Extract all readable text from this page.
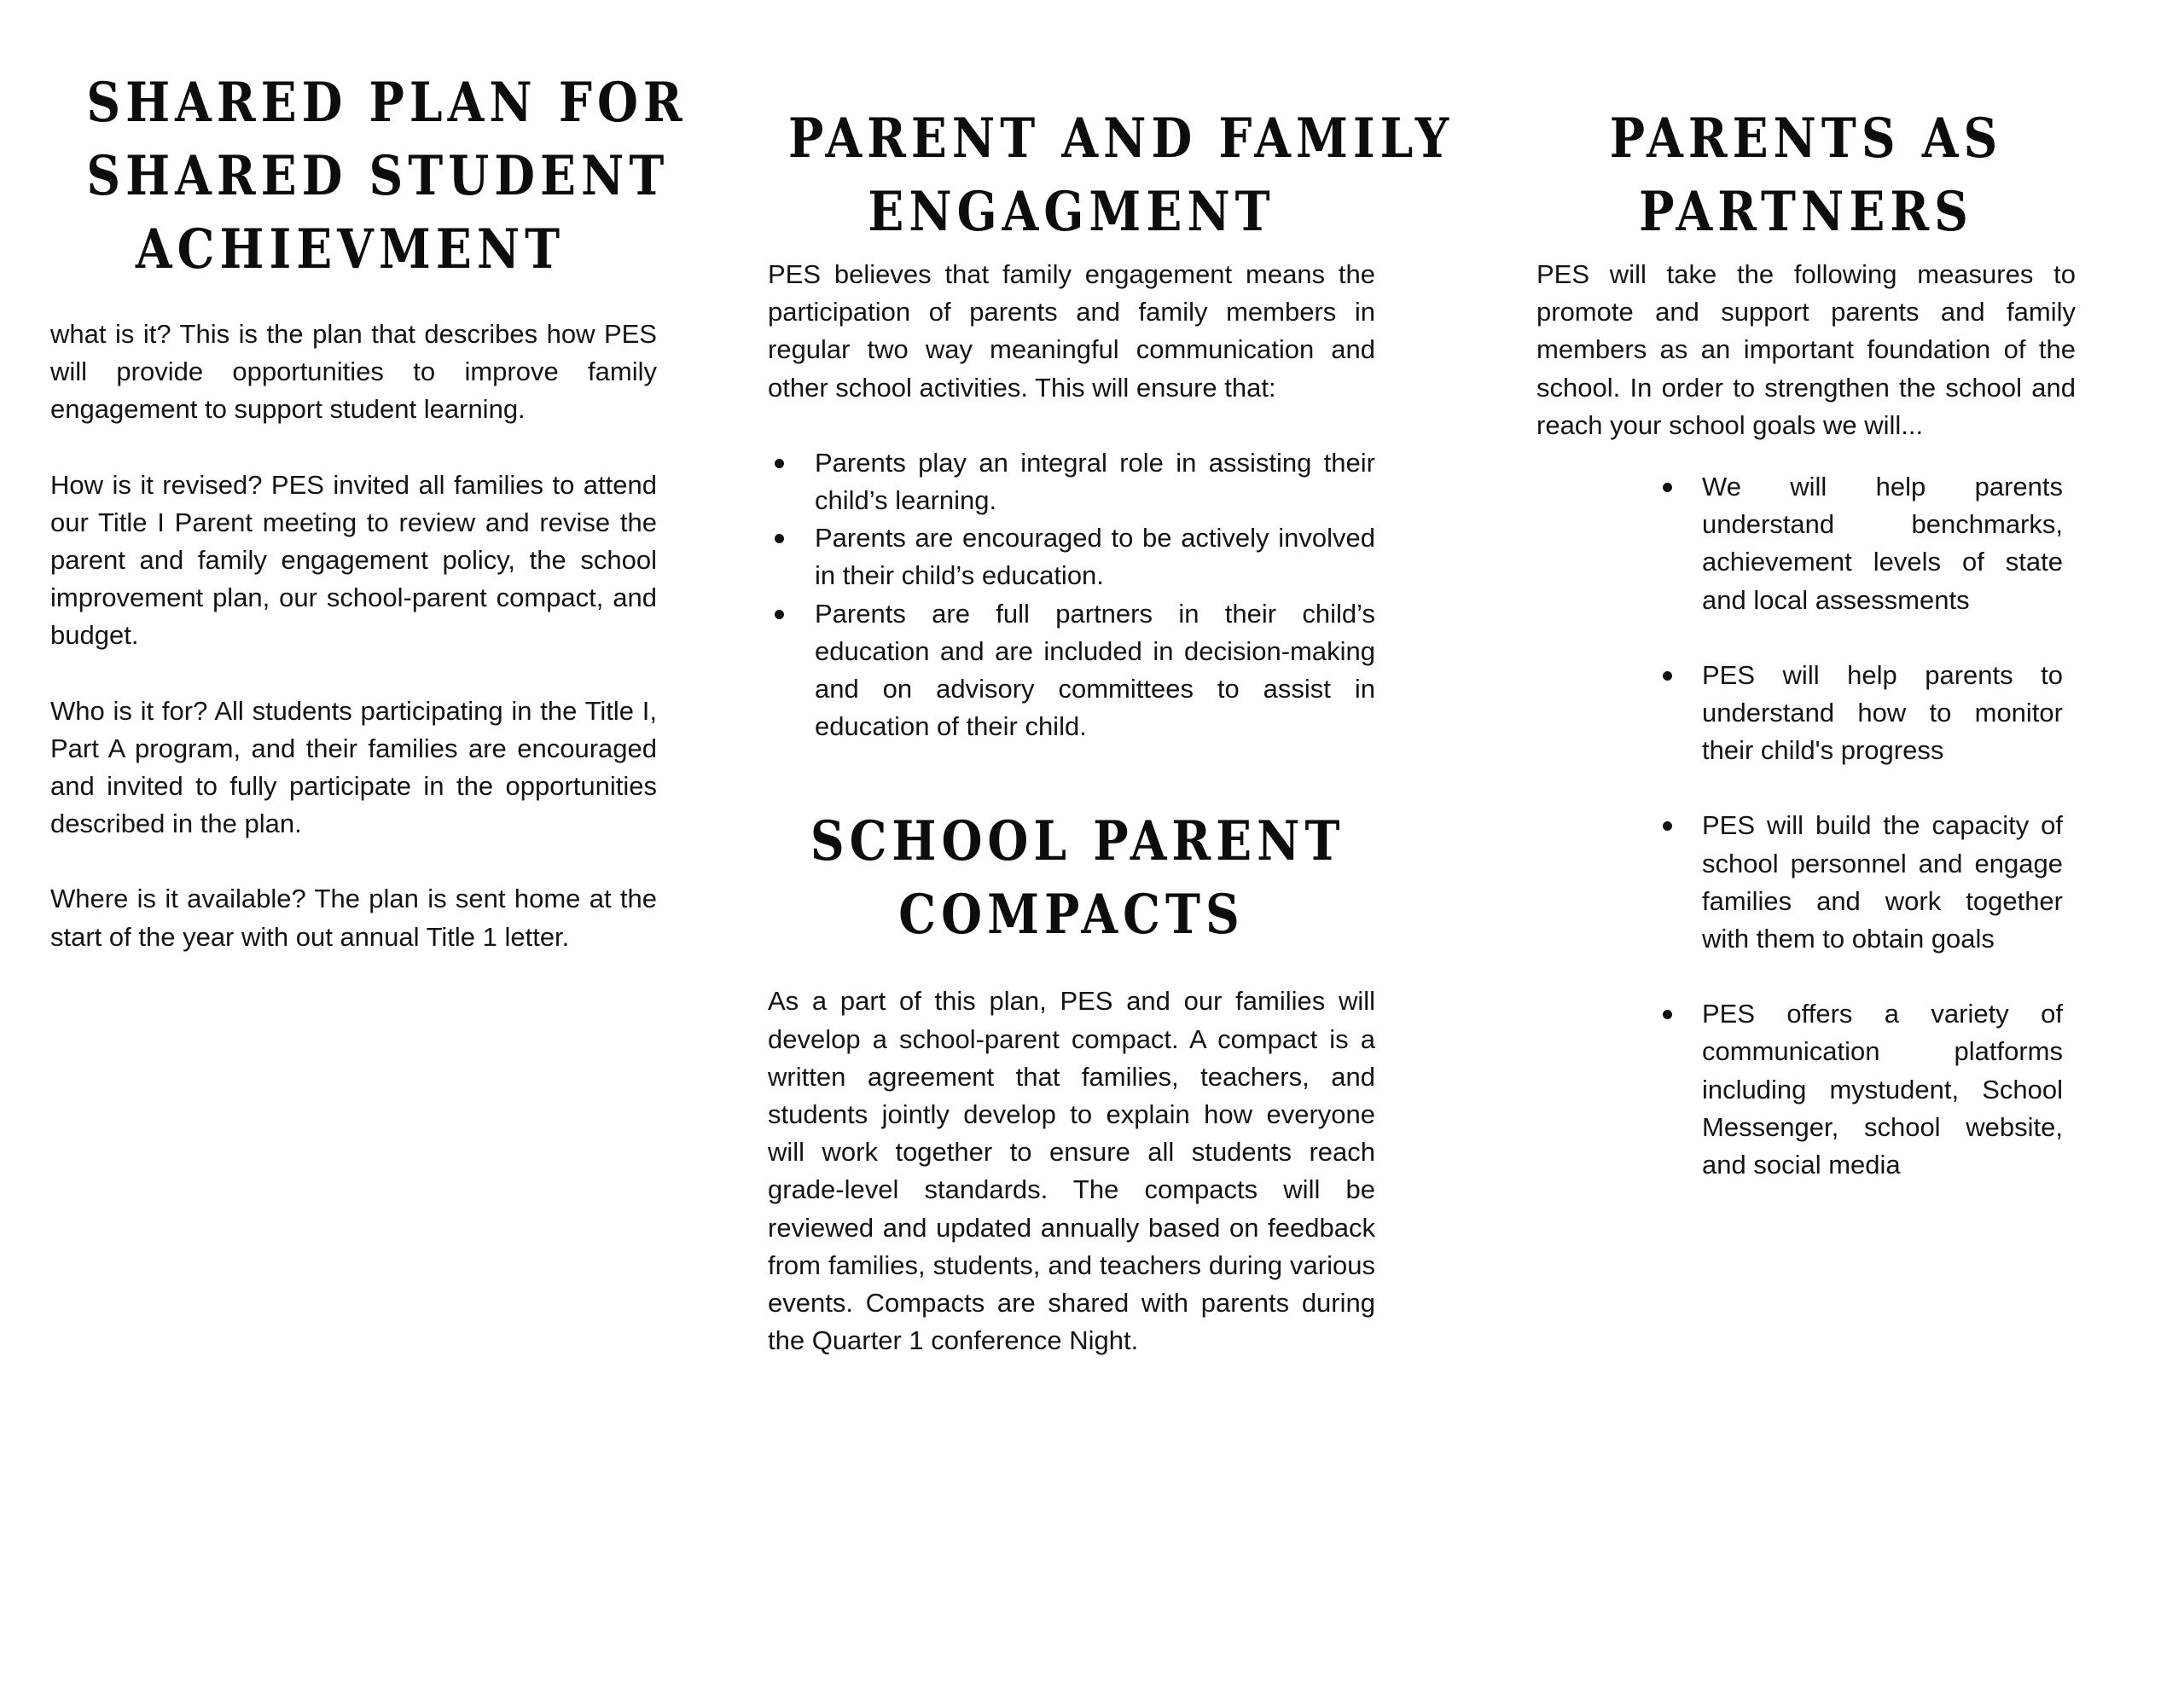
SHARED PLAN FOR
SHARED STUDENT
ACHIEVMENT

what is it? This is the plan that describes how PES will provide opportunities to improve family engagement to support student learning.

How is it revised? PES invited all families to attend our Title I Parent meeting to review and revise the parent and family engagement policy, the school improvement plan, our school-parent compact, and budget.

Who is it for? All students participating in the Title I, Part A program, and their families are encouraged and invited to fully participate in the opportunities described in the plan.

Where is it available? The plan is sent home at the start of the year with out annual Title 1 letter.

PARENT AND FAMILY
ENGAGMENT

PES believes that family engagement means the participation of parents and family members in regular two way meaningful communication and other school activities. This will ensure that:

Parents play an integral role in assisting their child’s learning.
Parents are encouraged to be actively involved in their child’s education.
Parents are full partners in their child’s education and are included in decision-making and on advisory committees to assist in education of their child.
SCHOOL PARENT
COMPACTS

As a part of this plan, PES and our families will develop a school-parent compact. A compact is a written agreement that families, teachers, and students jointly develop to explain how everyone will work together to ensure all students reach grade-level standards. The compacts will be reviewed and updated annually based on feedback from families, students, and teachers during various events. Compacts are shared with parents during the Quarter 1 conference Night.

PARENTS AS
PARTNERS

PES will take the following measures to promote and support parents and family members as an important foundation of the school. In order to strengthen the school and reach your school goals we will...

We will help parents understand benchmarks, achievement levels of state and local assessments
PES will help parents to understand how to monitor their child's progress
PES will build the capacity of school personnel and engage families and work together with them to obtain goals
PES offers a variety of communication platforms including mystudent, School Messenger, school website, and social media
